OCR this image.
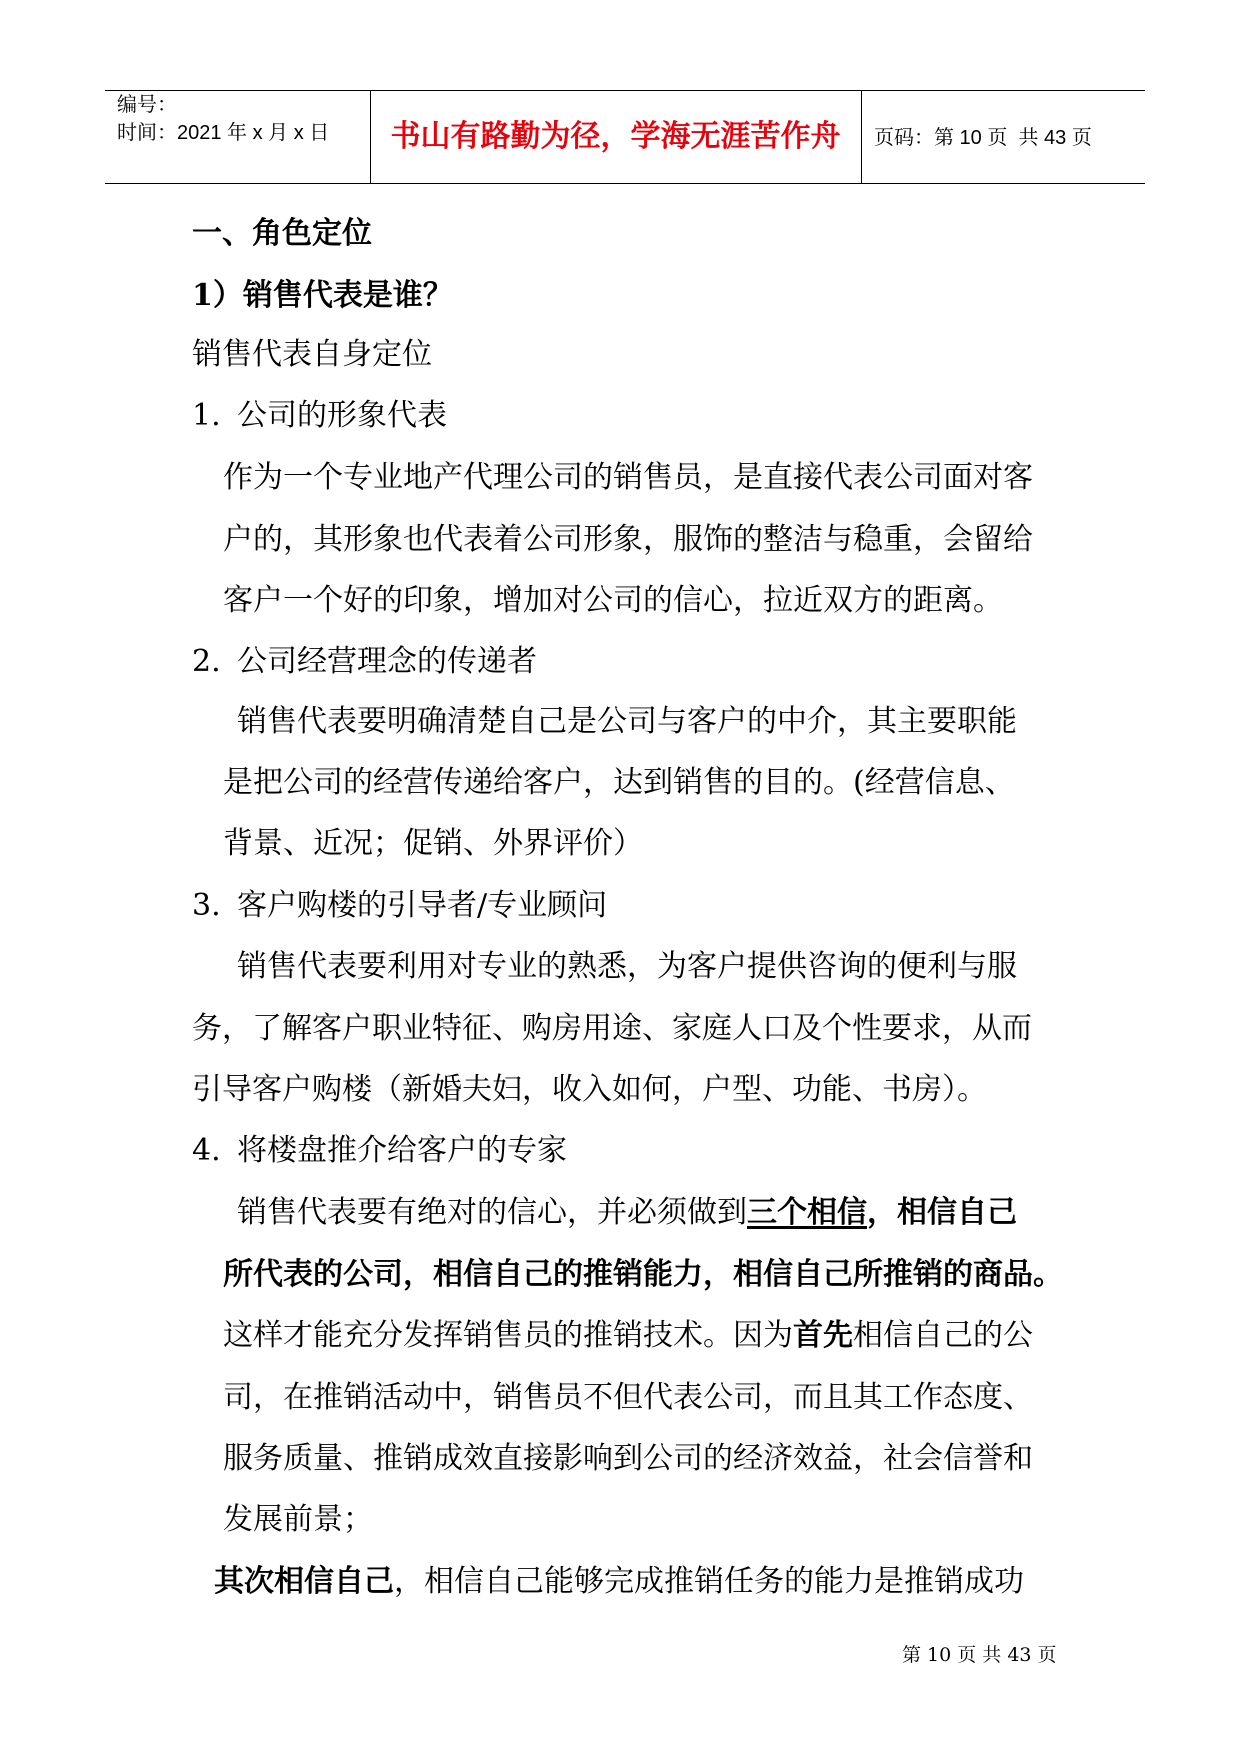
编号：
时间：2021 年 x 月 x 日	书山有路勤为径，学海无涯苦作舟	页码：第 10 页  共 43 页
一、角色定位
1）销售代表是谁？
销售代表自身定位
1. 公司的形象代表
作为一个专业地产代理公司的销售员，是直接代表公司面对客
户的，其形象也代表着公司形象，服饰的整洁与稳重，会留给
客户一个好的印象，增加对公司的信心，拉近双方的距离。
2. 公司经营理念的传递者
销售代表要明确清楚自己是公司与客户的中介，其主要职能
是把公司的经营传递给客户，达到销售的目的。(经营信息、
背景、近况；促销、外界评价）
3. 客户购楼的引导者/专业顾问
销售代表要利用对专业的熟悉，为客户提供咨询的便利与服
务，了解客户职业特征、购房用途、家庭人口及个性要求，从而
引导客户购楼（新婚夫妇，收入如何，户型、功能、书房）。
4. 将楼盘推介给客户的专家
销售代表要有绝对的信心，并必须做到三个相信，相信自己
所代表的公司，相信自己的推销能力，相信自己所推销的商品。
这样才能充分发挥销售员的推销技术。因为首先相信自己的公
司，在推销活动中，销售员不但代表公司，而且其工作态度、
服务质量、推销成效直接影响到公司的经济效益，社会信誉和
发展前景；
其次相信自己，相信自己能够完成推销任务的能力是推销成功
第 10 页 共 43 页
